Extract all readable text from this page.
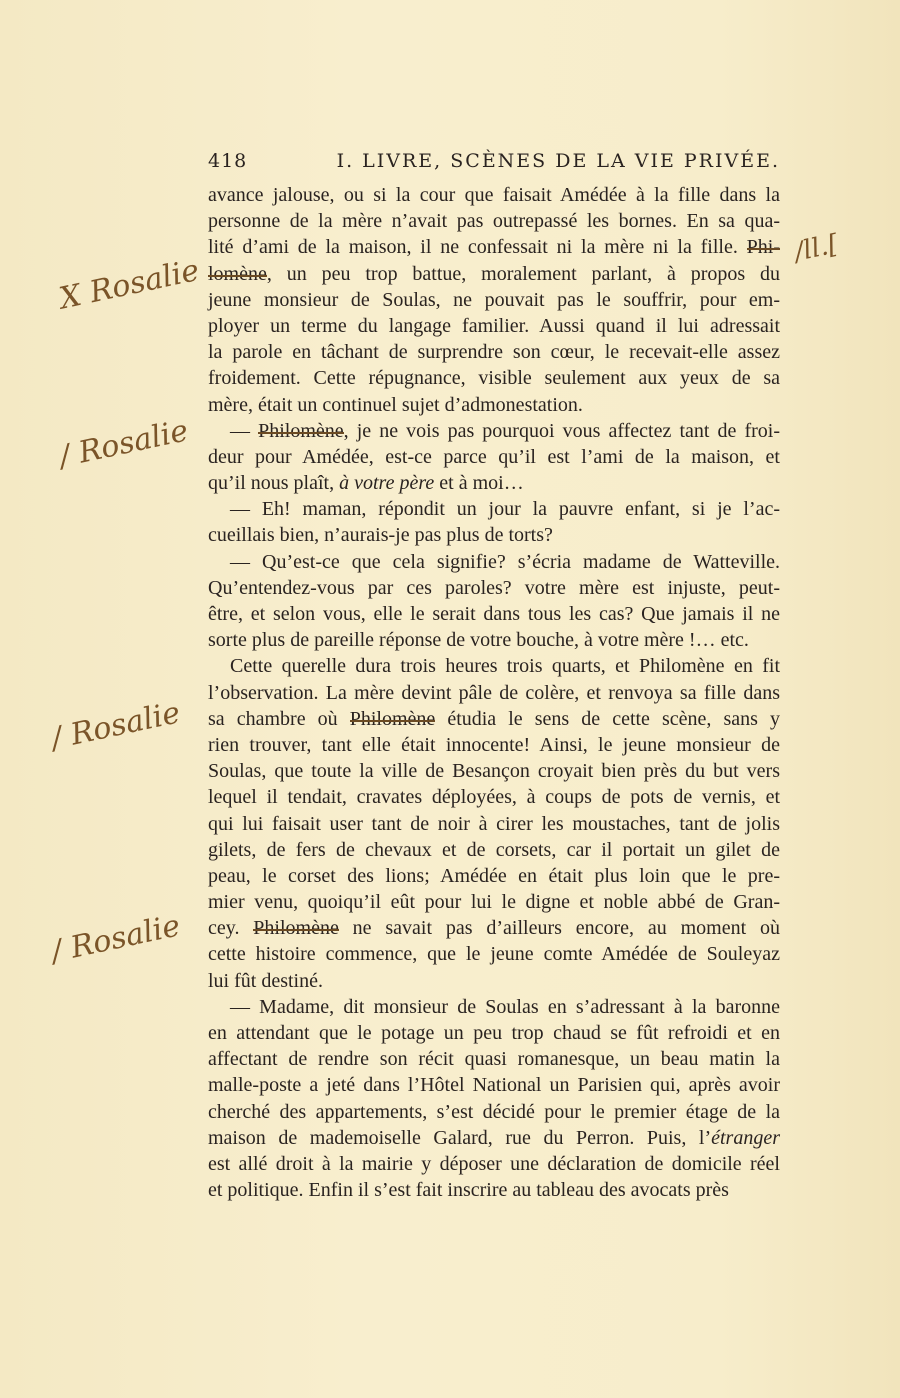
418	I. LIVRE, SCÈNES DE LA VIE PRIVÉE.
X Rosalie
/ll.[
/ Rosalie
/ Rosalie
/ Rosalie
avance jalouse, ou si la cour que faisait Amédée à la fille dans la
personne de la mère n’avait pas outrepassé les bornes. En sa qua-
lité d’ami de la maison, il ne confessait ni la mère ni la fille. Phi-
lomène, un peu trop battue, moralement parlant, à propos du
jeune monsieur de Soulas, ne pouvait pas le souffrir, pour em-
ployer un terme du langage familier. Aussi quand il lui adressait
la parole en tâchant de surprendre son cœur, le recevait-elle assez
froidement. Cette répugnance, visible seulement aux yeux de sa
mère, était un continuel sujet d’admonestation.
— Philomène, je ne vois pas pourquoi vous affectez tant de froi-
deur pour Amédée, est-ce parce qu’il est l’ami de la maison, et
qu’il nous plaît, à votre père et à moi…
— Eh! maman, répondit un jour la pauvre enfant, si je l’ac-
cueillais bien, n’aurais-je pas plus de torts?
— Qu’est-ce que cela signifie? s’écria madame de Watteville.
Qu’entendez-vous par ces paroles? votre mère est injuste, peut-
être, et selon vous, elle le serait dans tous les cas? Que jamais il ne
sorte plus de pareille réponse de votre bouche, à votre mère !… etc.
Cette querelle dura trois heures trois quarts, et Philomène en fit
l’observation. La mère devint pâle de colère, et renvoya sa fille dans
sa chambre où Philomène étudia le sens de cette scène, sans y
rien trouver, tant elle était innocente! Ainsi, le jeune monsieur de
Soulas, que toute la ville de Besançon croyait bien près du but vers
lequel il tendait, cravates déployées, à coups de pots de vernis, et
qui lui faisait user tant de noir à cirer les moustaches, tant de jolis
gilets, de fers de chevaux et de corsets, car il portait un gilet de
peau, le corset des lions; Amédée en était plus loin que le pre-
mier venu, quoiqu’il eût pour lui le digne et noble abbé de Gran-
cey. Philomène ne savait pas d’ailleurs encore, au moment où
cette histoire commence, que le jeune comte Amédée de Souleyaz
lui fût destiné.
— Madame, dit monsieur de Soulas en s’adressant à la baronne
en attendant que le potage un peu trop chaud se fût refroidi et en
affectant de rendre son récit quasi romanesque, un beau matin la
malle-poste a jeté dans l’Hôtel National un Parisien qui, après avoir
cherché des appartements, s’est décidé pour le premier étage de la
maison de mademoiselle Galard, rue du Perron. Puis, l’étranger
est allé droit à la mairie y déposer une déclaration de domicile réel
et politique. Enfin il s’est fait inscrire au tableau des avocats près
